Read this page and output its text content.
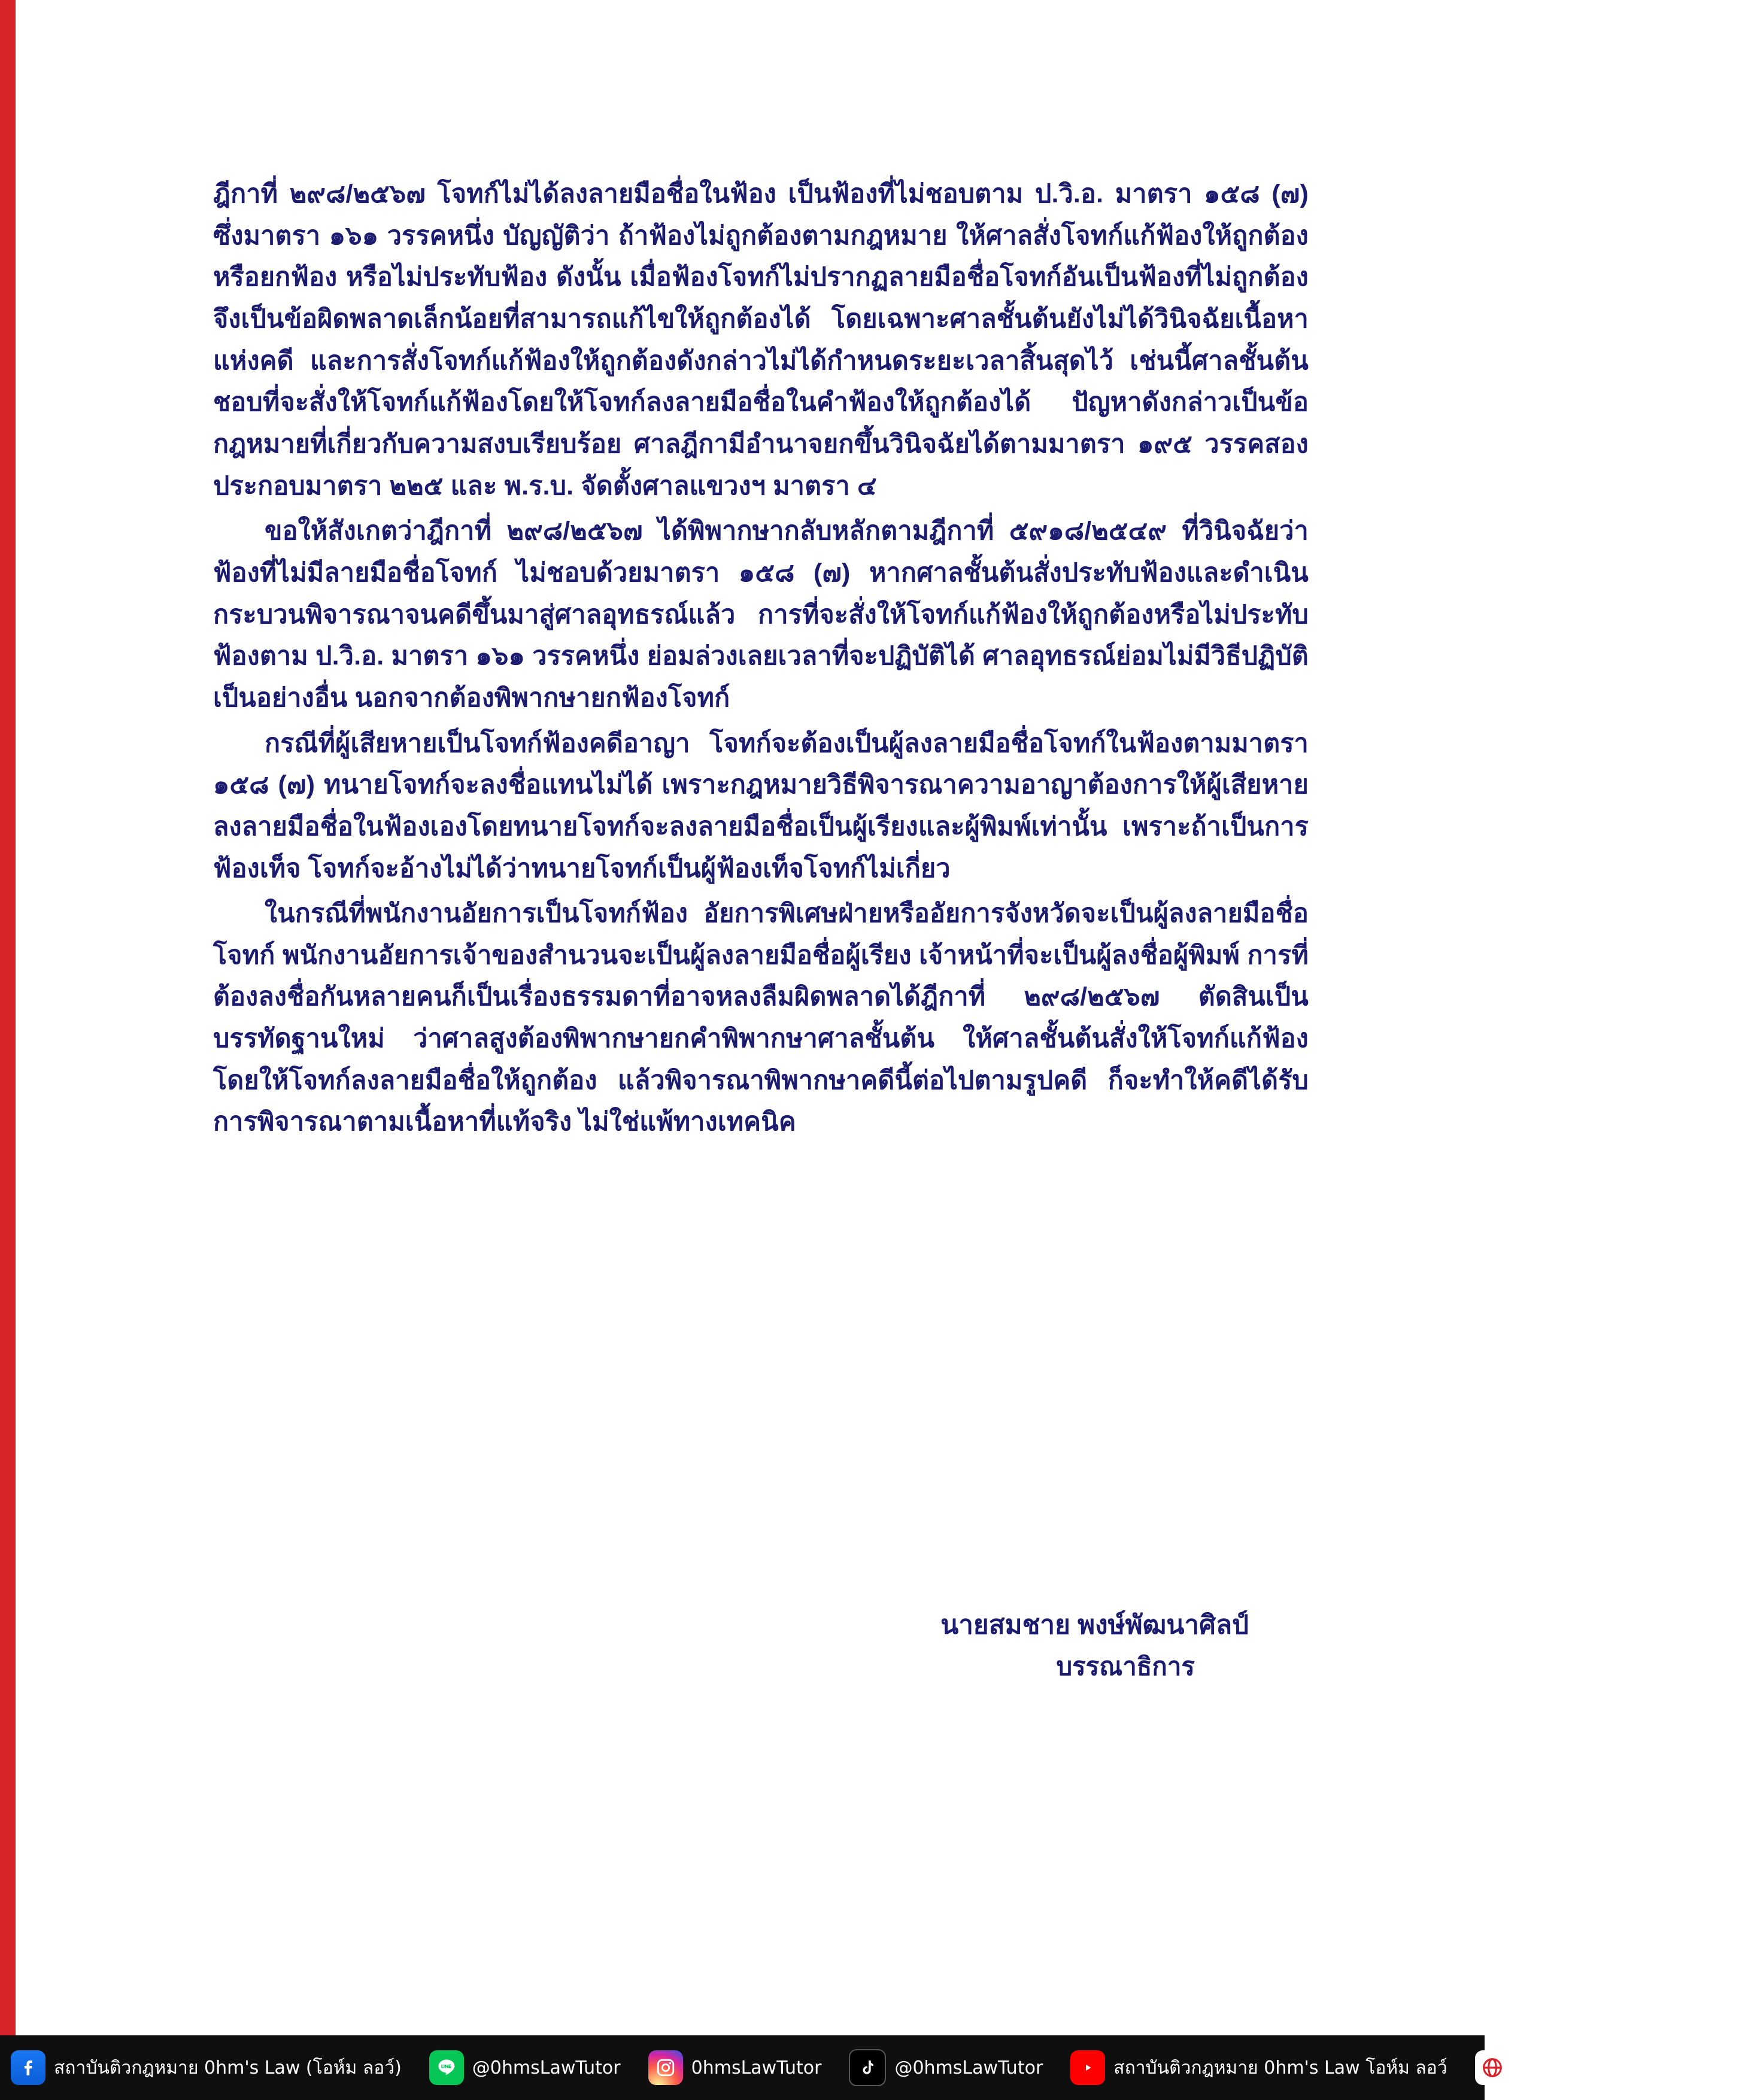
ฎีกาที่ ๒๙๘/๒๕๖๗ โจทก์ไม่ได้ลงลายมือชื่อในฟ้อง เป็นฟ้องที่ไม่ชอบตาม ป.วิ.อ. มาตรา ๑๕๘ (๗) ซึ่งมาตรา ๑๖๑ วรรคหนึ่ง บัญญัติว่า ถ้าฟ้องไม่ถูกต้องตามกฎหมาย ให้ศาลสั่งโจทก์แก้ฟ้องให้ถูกต้อง หรือยกฟ้อง หรือไม่ประทับฟ้อง ดังนั้น เมื่อฟ้องโจทก์ไม่ปรากฏลายมือชื่อโจทก์อันเป็นฟ้องที่ไม่ถูกต้อง จึงเป็นข้อผิดพลาดเล็กน้อยที่สามารถแก้ไขให้ถูกต้องได้ โดยเฉพาะศาลชั้นต้นยังไม่ได้วินิจฉัยเนื้อหาแห่งคดี และการสั่งโจทก์แก้ฟ้องให้ถูกต้องดังกล่าวไม่ได้กำหนดระยะเวลาสิ้นสุดไว้ เช่นนี้ศาลชั้นต้นชอบที่จะสั่งให้โจทก์แก้ฟ้องโดยให้โจทก์ลงลายมือชื่อในคำฟ้องให้ถูกต้องได้ ปัญหาดังกล่าวเป็นข้อกฎหมายที่เกี่ยวกับความสงบเรียบร้อย ศาลฎีกามีอำนาจยกขึ้นวินิจฉัยได้ตามมาตรา ๑๙๕ วรรคสอง ประกอบมาตรา ๒๒๕ และ พ.ร.บ. จัดตั้งศาลแขวงฯ มาตรา ๔

ขอให้สังเกตว่าฎีกาที่ ๒๙๘/๒๕๖๗ ได้พิพากษากลับหลักตามฎีกาที่ ๕๙๑๘/๒๕๔๙ ที่วินิจฉัยว่า ฟ้องที่ไม่มีลายมือชื่อโจทก์ ไม่ชอบด้วยมาตรา ๑๕๘ (๗) หากศาลชั้นต้นสั่งประทับฟ้องและดำเนินกระบวนพิจารณาจนคดีขึ้นมาสู่ศาลอุทธรณ์แล้ว การที่จะสั่งให้โจทก์แก้ฟ้องให้ถูกต้องหรือไม่ประทับฟ้องตาม ป.วิ.อ. มาตรา ๑๖๑ วรรคหนึ่ง ย่อมล่วงเลยเวลาที่จะปฏิบัติได้ ศาลอุทธรณ์ย่อมไม่มีวิธีปฏิบัติเป็นอย่างอื่น นอกจากต้องพิพากษายกฟ้องโจทก์

กรณีที่ผู้เสียหายเป็นโจทก์ฟ้องคดีอาญา โจทก์จะต้องเป็นผู้ลงลายมือชื่อโจทก์ในฟ้องตามมาตรา ๑๕๘ (๗) ทนายโจทก์จะลงชื่อแทนไม่ได้ เพราะกฎหมายวิธีพิจารณาความอาญาต้องการให้ผู้เสียหายลงลายมือชื่อในฟ้องเองโดยทนายโจทก์จะลงลายมือชื่อเป็นผู้เรียงและผู้พิมพ์เท่านั้น เพราะถ้าเป็นการฟ้องเท็จ โจทก์จะอ้างไม่ได้ว่าทนายโจทก์เป็นผู้ฟ้องเท็จโจทก์ไม่เกี่ยว

ในกรณีที่พนักงานอัยการเป็นโจทก์ฟ้อง อัยการพิเศษฝ่ายหรืออัยการจังหวัดจะเป็นผู้ลงลายมือชื่อโจทก์ พนักงานอัยการเจ้าของสำนวนจะเป็นผู้ลงลายมือชื่อผู้เรียง เจ้าหน้าที่จะเป็นผู้ลงชื่อผู้พิมพ์ การที่ต้องลงชื่อกันหลายคนก็เป็นเรื่องธรรมดาที่อาจหลงลืมผิดพลาดได้ฎีกาที่ ๒๙๘/๒๕๖๗ ตัดสินเป็นบรรทัดฐานใหม่ ว่าศาลสูงต้องพิพากษายกคำพิพากษาศาลชั้นต้น ให้ศาลชั้นต้นสั่งให้โจทก์แก้ฟ้องโดยให้โจทก์ลงลายมือชื่อให้ถูกต้อง แล้วพิจารณาพิพากษาคดีนี้ต่อไปตามรูปคดี ก็จะทำให้คดีได้รับการพิจารณาตามเนื้อหาที่แท้จริง ไม่ใช่แพ้ทางเทคนิค

นายสมชาย พงษ์พัฒนาศิลป์
บรรณาธิการ
สถาบันติวกฎหมาย 0hm's Law (โอห์ม ลอว์)	@0hmsLawTutor	0hmsLawTutor	@0hmsLawTutor	สถาบันติวกฎหมาย 0hm's Law โอห์ม ลอว์	www.0hmsLawTutor.com
